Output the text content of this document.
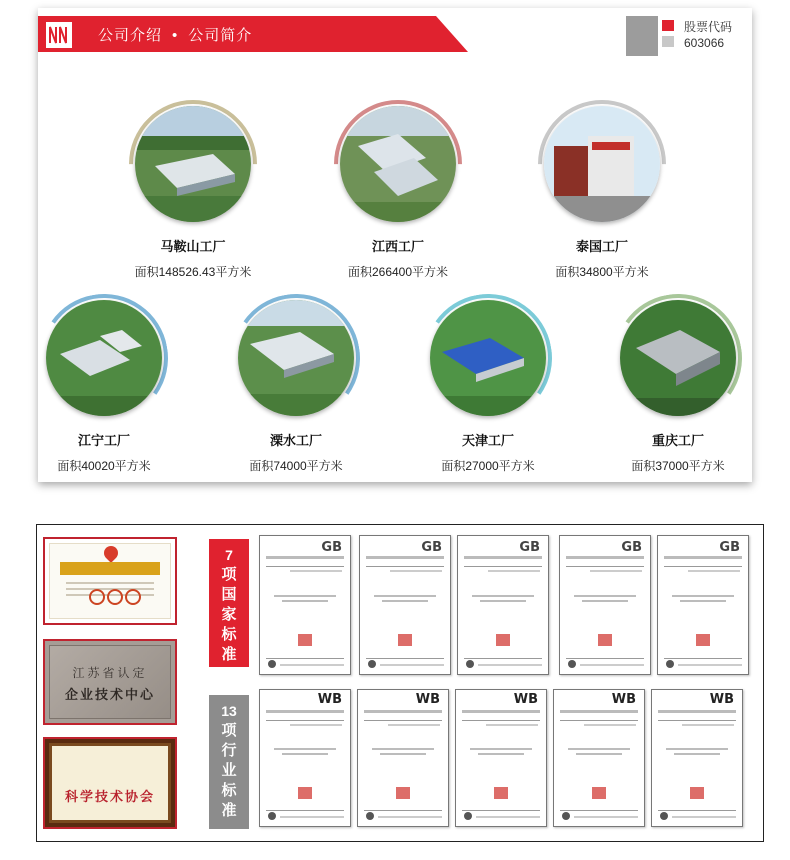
公司介绍 • 公司简介	股票代码
603066
马鞍山工厂
面积148526.43平方米
江西工厂
面积266400平方米
泰国工厂
面积34800平方米
江宁工厂
面积40020平方米
溧水工厂
面积74000平方米
天津工厂
面积27000平方米
重庆工厂
面积37000平方米
江苏省认定
企业技术中心
科学技术协会
7
项
国
家
标
准
13
项
行
业
标
准
GB	GB	GB	GB	GB
WB	WB	WB	WB	WB
